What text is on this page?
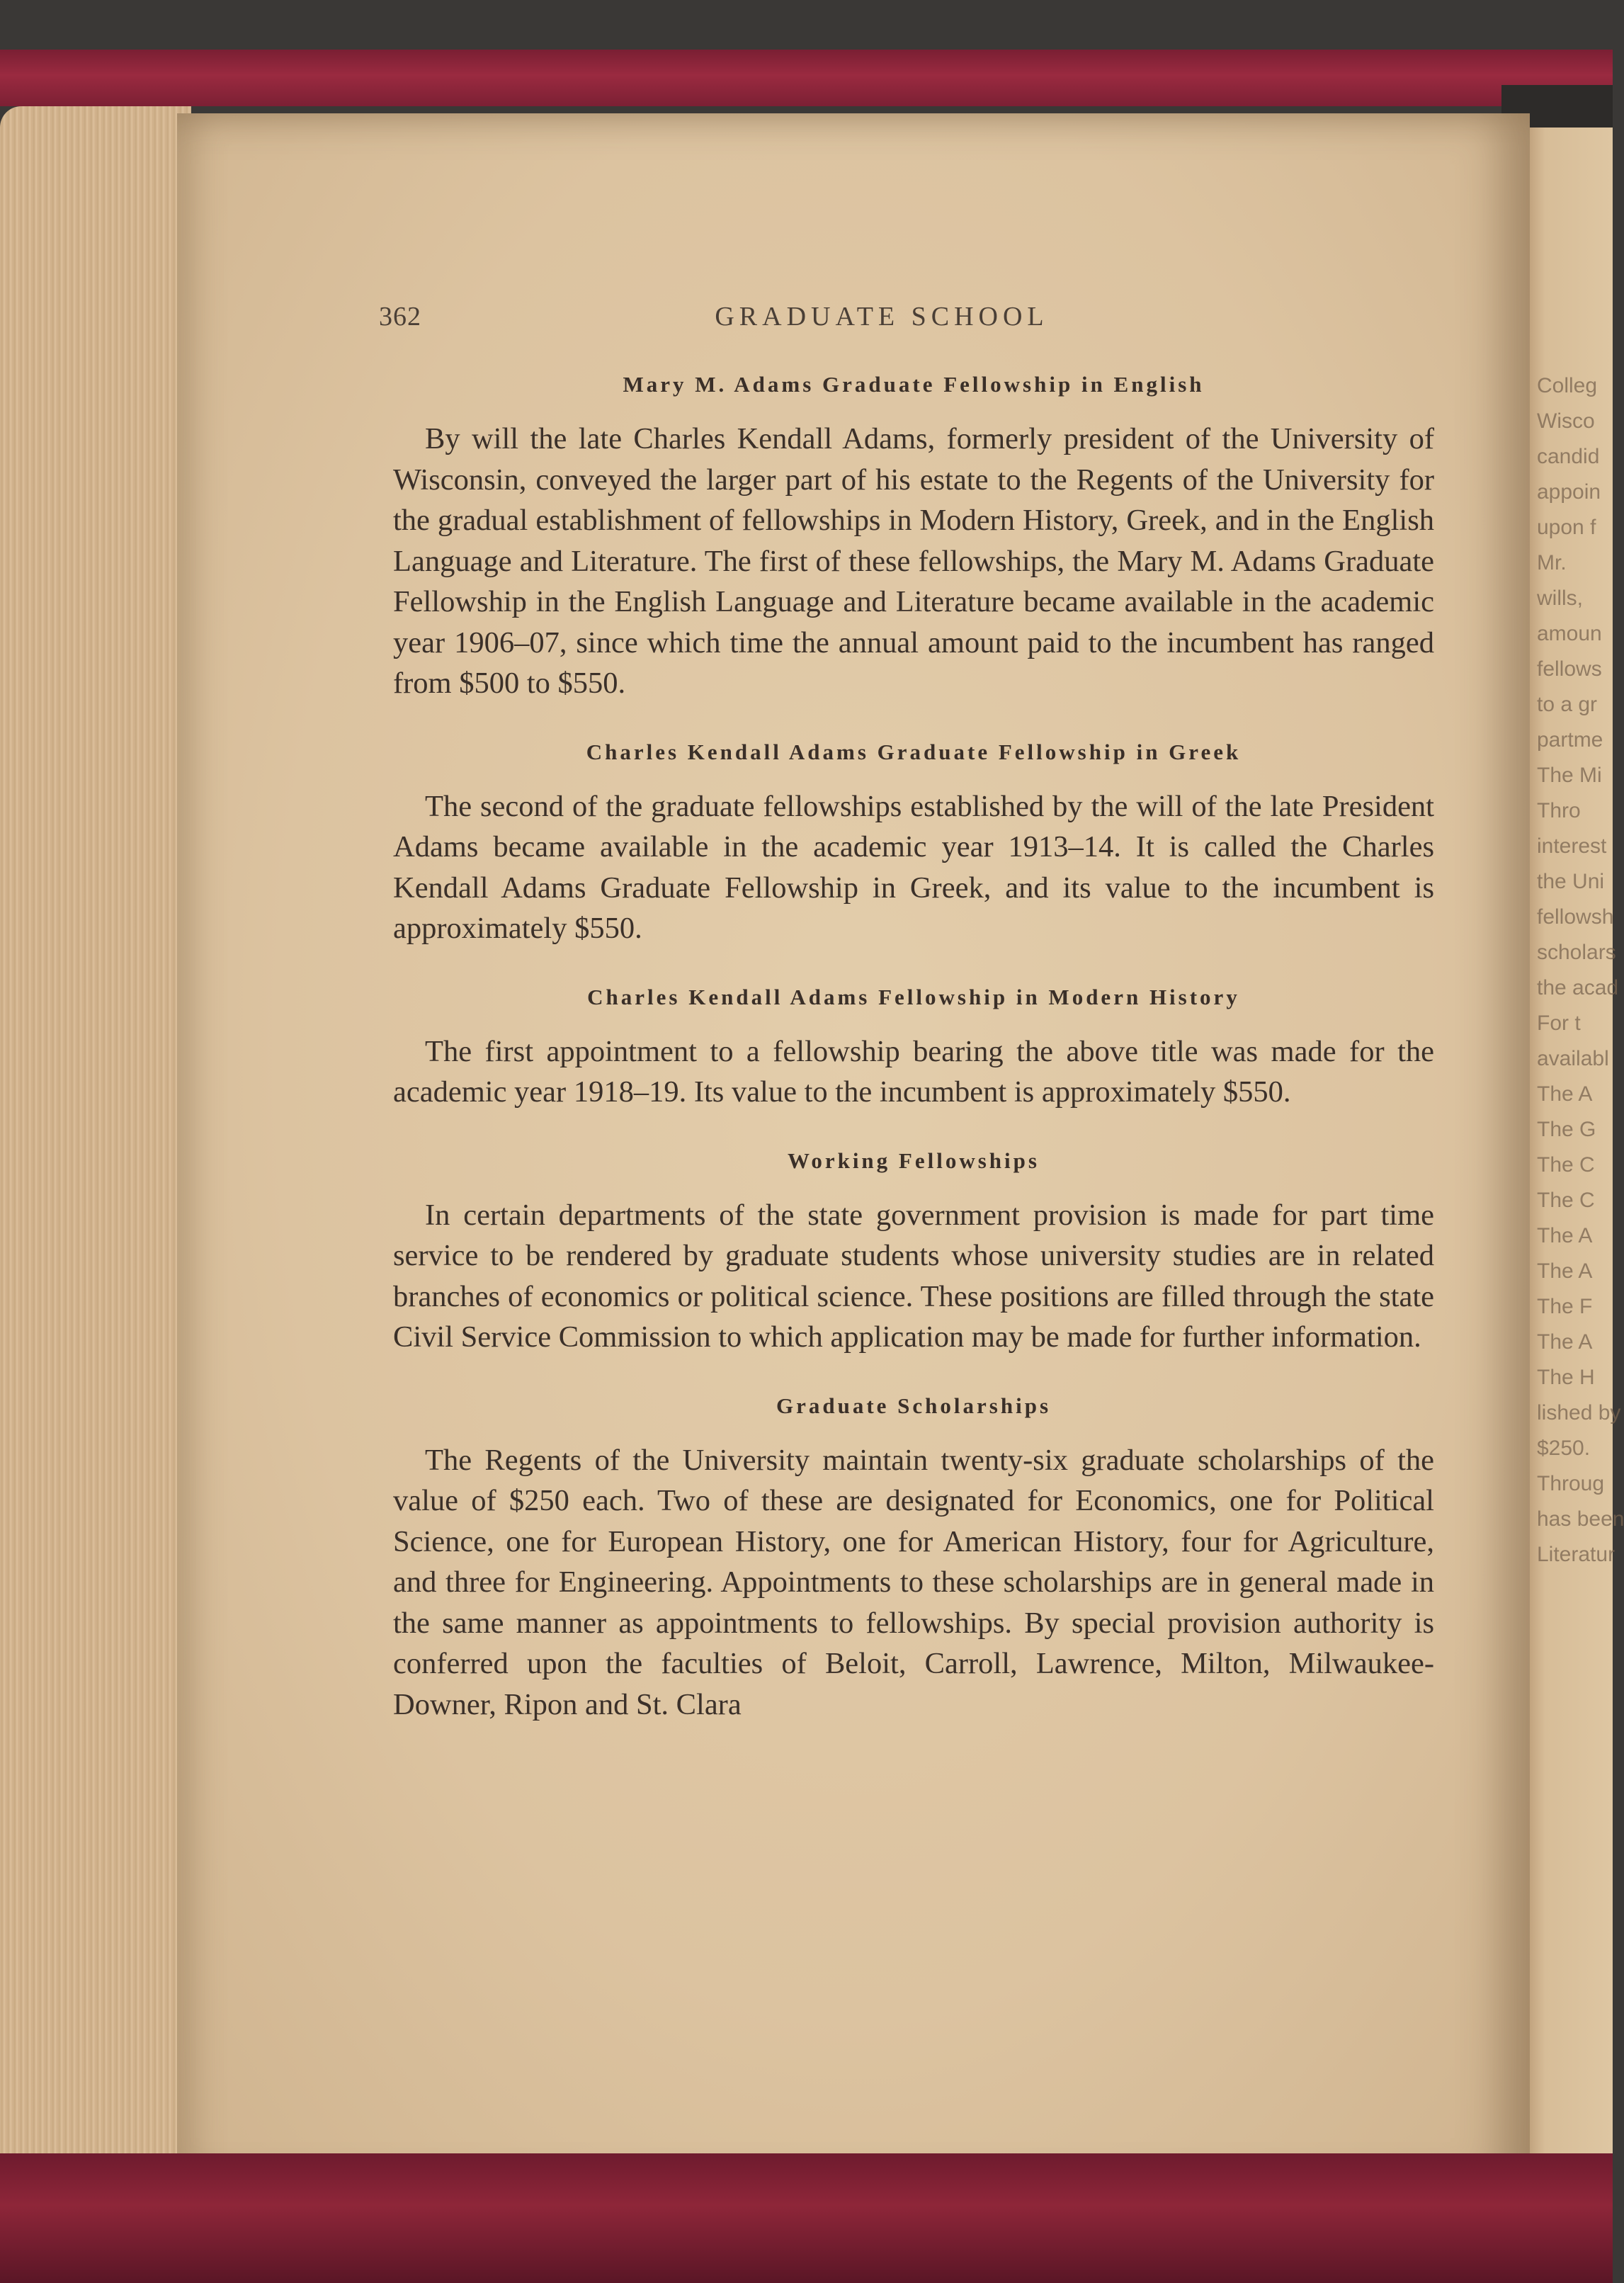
362	GRADUATE SCHOOL
Mary M. Adams Graduate Fellowship in English

By will the late Charles Kendall Adams, formerly president of the University of Wisconsin, conveyed the larger part of his estate to the Regents of the University for the gradual establishment of fellowships in Modern History, Greek, and in the English Language and Literature. The first of these fellowships, the Mary M. Adams Graduate Fellowship in the English Language and Literature became available in the academic year 1906–07, since which time the annual amount paid to the incumbent has ranged from $500 to $550.

Charles Kendall Adams Graduate Fellowship in Greek

The second of the graduate fellowships established by the will of the late President Adams became available in the academic year 1913–14. It is called the Charles Kendall Adams Graduate Fellowship in Greek, and its value to the incumbent is approximately $550.

Charles Kendall Adams Fellowship in Modern History

The first appointment to a fellowship bearing the above title was made for the academic year 1918–19. Its value to the incumbent is approximately $550.

Working Fellowships

In certain departments of the state government provision is made for part time service to be rendered by graduate students whose university studies are in related branches of economics or political science. These positions are filled through the state Civil Service Commission to which application may be made for further information.

Graduate Scholarships

The Regents of the University maintain twenty-six graduate scholarships of the value of $250 each. Two of these are designated for Economics, one for Political Science, one for European History, one for American History, four for Agriculture, and three for Engineering. Appointments to these scholarships are in general made in the same manner as appointments to fellowships. By special provision authority is conferred upon the faculties of Beloit, Carroll, Lawrence, Milton, Milwaukee-Downer, Ripon and St. Clara

Colleg
Wisco
candid
appoin
upon f
Mr.
wills,
amoun
fellows
to a gr
partme
The Mi
Thro
interest
the Uni
fellowsh
scholars
the acad
For t
availabl
The A
The G
The C
The C
The A
The A
The F
The A
The H
lished by
$250.
Throug
has been
Literatur
